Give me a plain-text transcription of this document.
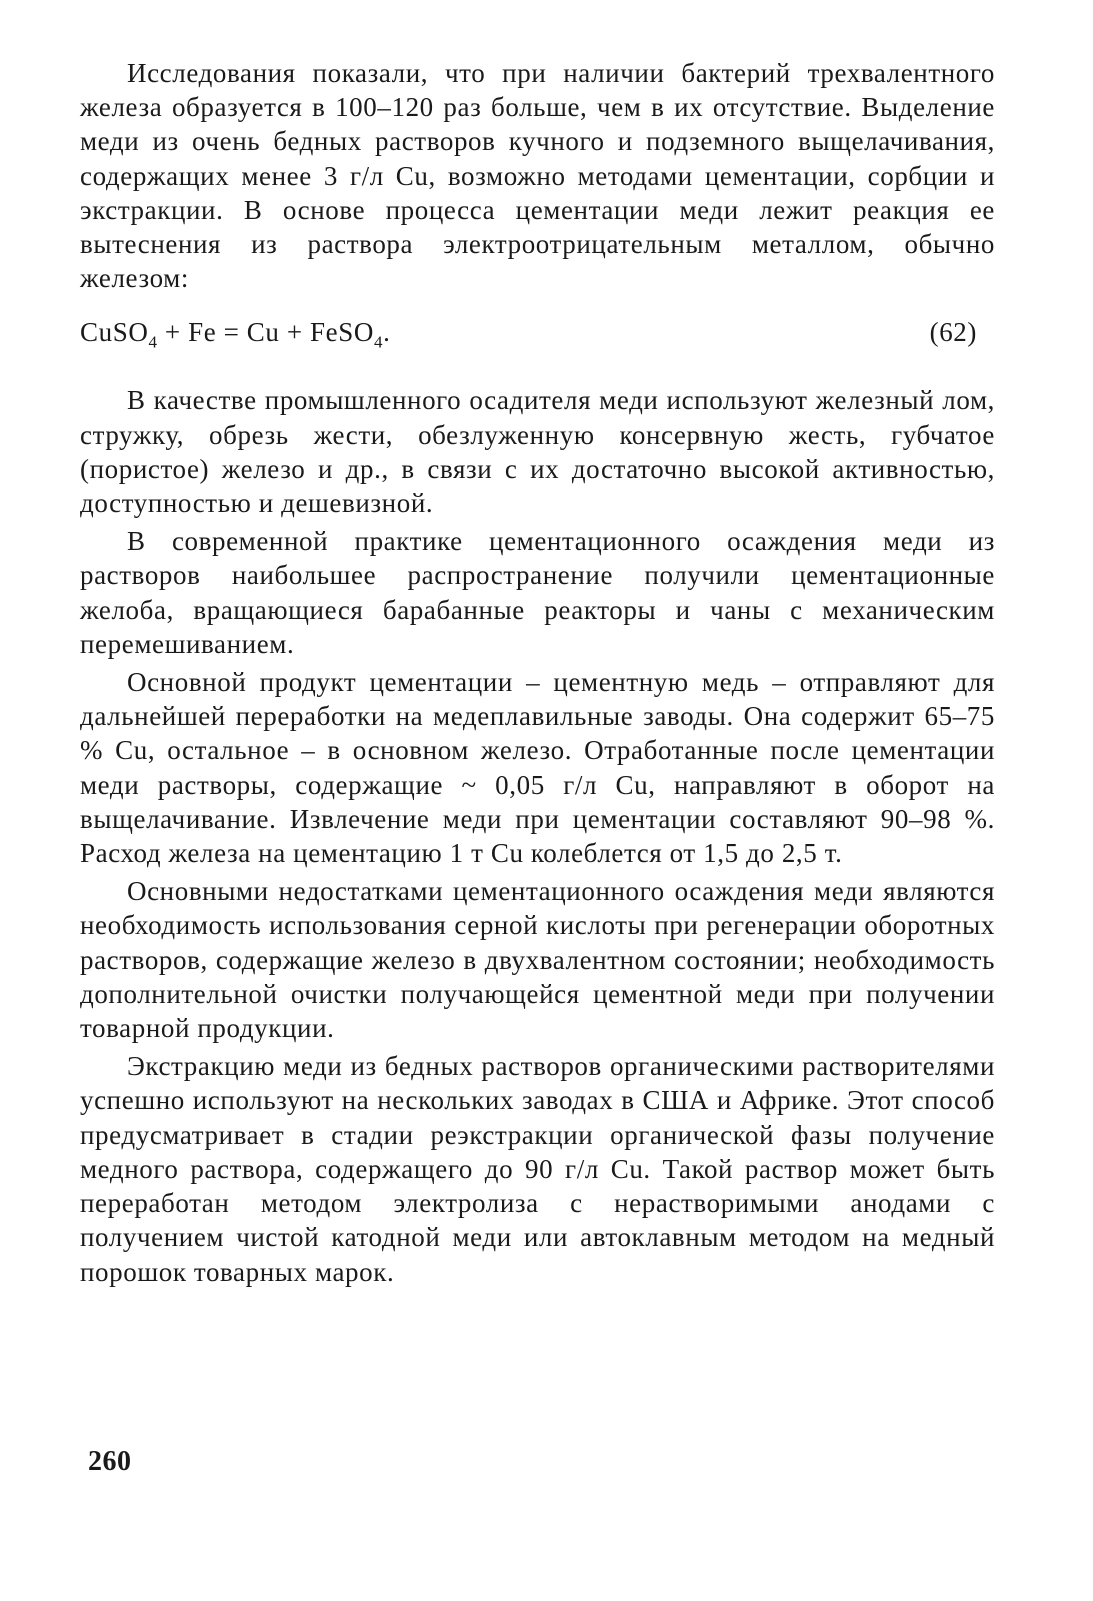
Исследования показали, что при наличии бактерий трехвалентного железа образуется в 100–120 раз больше, чем в их отсутствие. Выделение меди из очень бедных растворов кучного и подземного выщелачивания, содержащих менее 3 г/л Cu, возможно методами цементации, сорбции и экстракции. В основе процесса цементации меди лежит реакция ее вытеснения из раствора электроотрицательным металлом, обычно железом:

CuSO$_4$ + Fe = Cu + FeSO$_4$.	(62)

В качестве промышленного осадителя меди используют железный лом, стружку, обрезь жести, обезлуженную консервную жесть, губчатое (пористое) железо и др., в связи с их достаточно высокой активностью, доступностью и дешевизной.

В современной практике цементационного осаждения меди из растворов наибольшее распространение получили цементационные желоба, вращающиеся барабанные реакторы и чаны с механическим перемешиванием.

Основной продукт цементации – цементную медь – отправляют для дальнейшей переработки на медеплавильные заводы. Она содержит 65–75 % Cu, остальное – в основном железо. Отработанные после цементации меди растворы, содержащие ~ 0,05 г/л Cu, направляют в оборот на выщелачивание. Извлечение меди при цементации составляют 90–98 %. Расход железа на цементацию 1 т Cu колеблется от 1,5 до 2,5 т.

Основными недостатками цементационного осаждения меди являются необходимость использования серной кислоты при регенерации оборотных растворов, содержащие железо в двухвалентном состоянии; необходимость дополнительной очистки получающейся цементной меди при получении товарной продукции.

Экстракцию меди из бедных растворов органическими растворителями успешно используют на нескольких заводах в США и Африке. Этот способ предусматривает в стадии реэкстракции органической фазы получение медного раствора, содержащего до 90 г/л Cu. Такой раствор может быть переработан методом электролиза с нерастворимыми анодами с получением чистой катодной меди или автоклавным методом на медный порошок товарных марок.

260
